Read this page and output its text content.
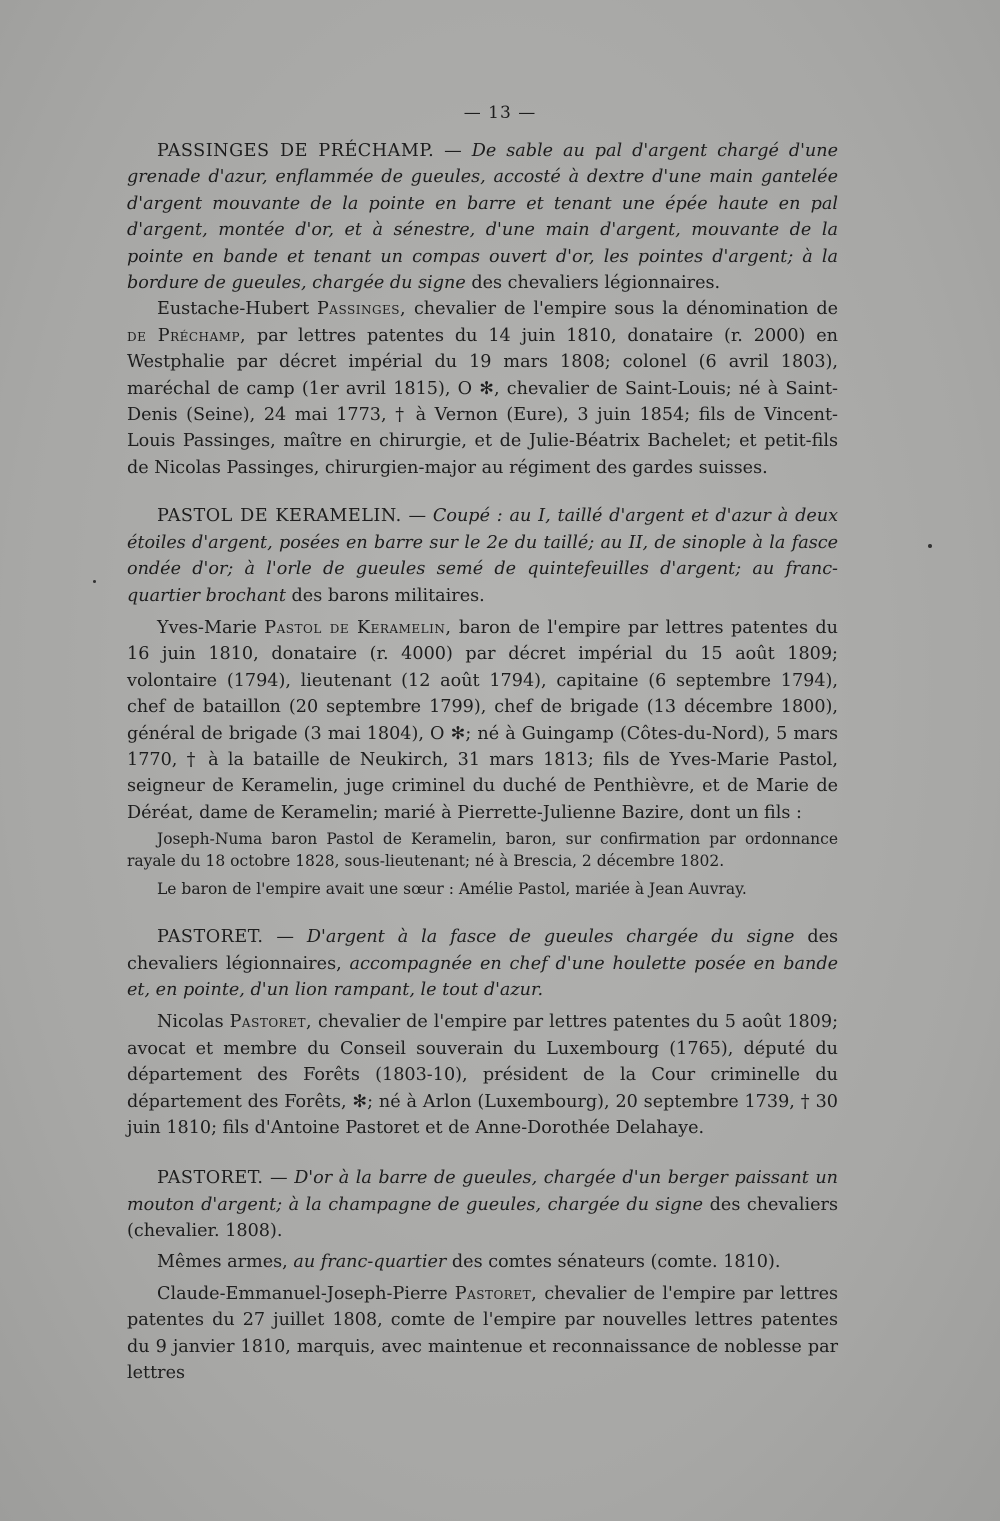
— 13 —

PASSINGES DE PRÉCHAMP. — De sable au pal d'argent chargé d'une grenade d'azur, enflammée de gueules, accosté à dextre d'une main gantelée d'argent mouvante de la pointe en barre et tenant une épée haute en pal d'argent, montée d'or, et à sénestre, d'une main d'argent, mouvante de la pointe en bande et tenant un compas ouvert d'or, les pointes d'argent; à la bordure de gueules, chargée du signe des chevaliers légionnaires.

Eustache-Hubert Passinges, chevalier de l'empire sous la dénomination de de Préchamp, par lettres patentes du 14 juin 1810, donataire (r. 2000) en Westphalie par décret impérial du 19 mars 1808; colonel (6 avril 1803), maréchal de camp (1er avril 1815), O ✻, chevalier de Saint-Louis; né à Saint-Denis (Seine), 24 mai 1773, † à Vernon (Eure), 3 juin 1854; fils de Vincent-Louis Passinges, maître en chirurgie, et de Julie-Béatrix Bachelet; et petit-fils de Nicolas Passinges, chirurgien-major au régiment des gardes suisses.

PASTOL DE KERAMELIN. — Coupé : au I, taillé d'argent et d'azur à deux étoiles d'argent, posées en barre sur le 2e du taillé; au II, de sinople à la fasce ondée d'or; à l'orle de gueules semé de quintefeuilles d'argent; au franc-quartier brochant des barons militaires.

Yves-Marie Pastol de Keramelin, baron de l'empire par lettres patentes du 16 juin 1810, donataire (r. 4000) par décret impérial du 15 août 1809; volontaire (1794), lieutenant (12 août 1794), capitaine (6 septembre 1794), chef de bataillon (20 septembre 1799), chef de brigade (13 décembre 1800), général de brigade (3 mai 1804), O ✻; né à Guingamp (Côtes-du-Nord), 5 mars 1770, † à la bataille de Neukirch, 31 mars 1813; fils de Yves-Marie Pastol, seigneur de Keramelin, juge criminel du duché de Penthièvre, et de Marie de Déréat, dame de Keramelin; marié à Pierrette-Julienne Bazire, dont un fils :

Joseph-Numa baron Pastol de Keramelin, baron, sur confirmation par ordonnance rayale du 18 octobre 1828, sous-lieutenant; né à Brescia, 2 décembre 1802.

Le baron de l'empire avait une sœur : Amélie Pastol, mariée à Jean Auvray.

PASTORET. — D'argent à la fasce de gueules chargée du signe des chevaliers légionnaires, accompagnée en chef d'une houlette posée en bande et, en pointe, d'un lion rampant, le tout d'azur.

Nicolas Pastoret, chevalier de l'empire par lettres patentes du 5 août 1809; avocat et membre du Conseil souverain du Luxembourg (1765), député du département des Forêts (1803-10), président de la Cour criminelle du département des Forêts, ✻; né à Arlon (Luxembourg), 20 septembre 1739, † 30 juin 1810; fils d'Antoine Pastoret et de Anne-Dorothée Delahaye.

PASTORET. — D'or à la barre de gueules, chargée d'un berger paissant un mouton d'argent; à la champagne de gueules, chargée du signe des chevaliers (chevalier. 1808).

Mêmes armes, au franc-quartier des comtes sénateurs (comte. 1810).

Claude-Emmanuel-Joseph-Pierre Pastoret, chevalier de l'empire par lettres patentes du 27 juillet 1808, comte de l'empire par nouvelles lettres patentes du 9 janvier 1810, marquis, avec maintenue et reconnaissance de noblesse par lettres
